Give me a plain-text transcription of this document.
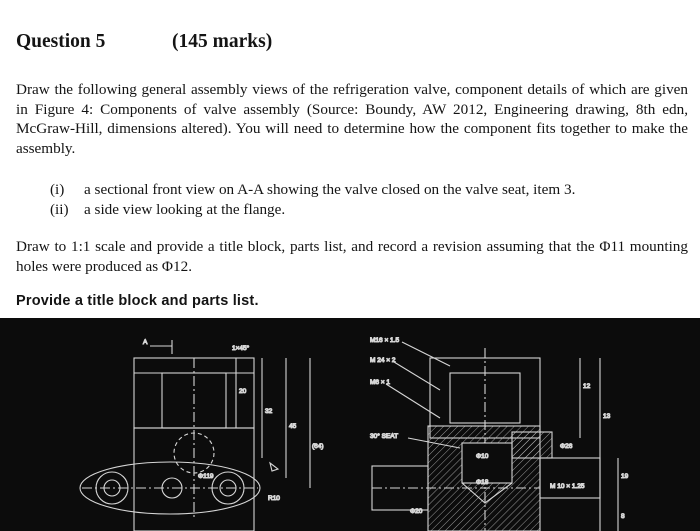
Question 5	(145 marks)

Draw the following general assembly views of the refrigeration valve, component details of which are given in Figure 4: Components of valve assembly (Source: Boundy, AW 2012, Engineering drawing, 8th edn, McGraw-Hill, dimensions altered). You will need to determine how the component fits together to make the assembly.

(i)	a sectional front view on A-A showing the valve closed on the valve seat, item 3.
(ii)	a side view looking at the flange.

Draw to 1:1 scale and provide a title block, parts list, and record a revision assuming that the Φ11 mounting holes were produced as Φ12.

Provide a title block and parts list.
A
1×45°
20
32
45
(64)
Φ119
R10
M16 × 1.5
M 24 × 2
M6 × 1
30° SEAT
Φ10
Φ18
Φ20
M 10 × 1.25
Φ26
12
13
19
8
